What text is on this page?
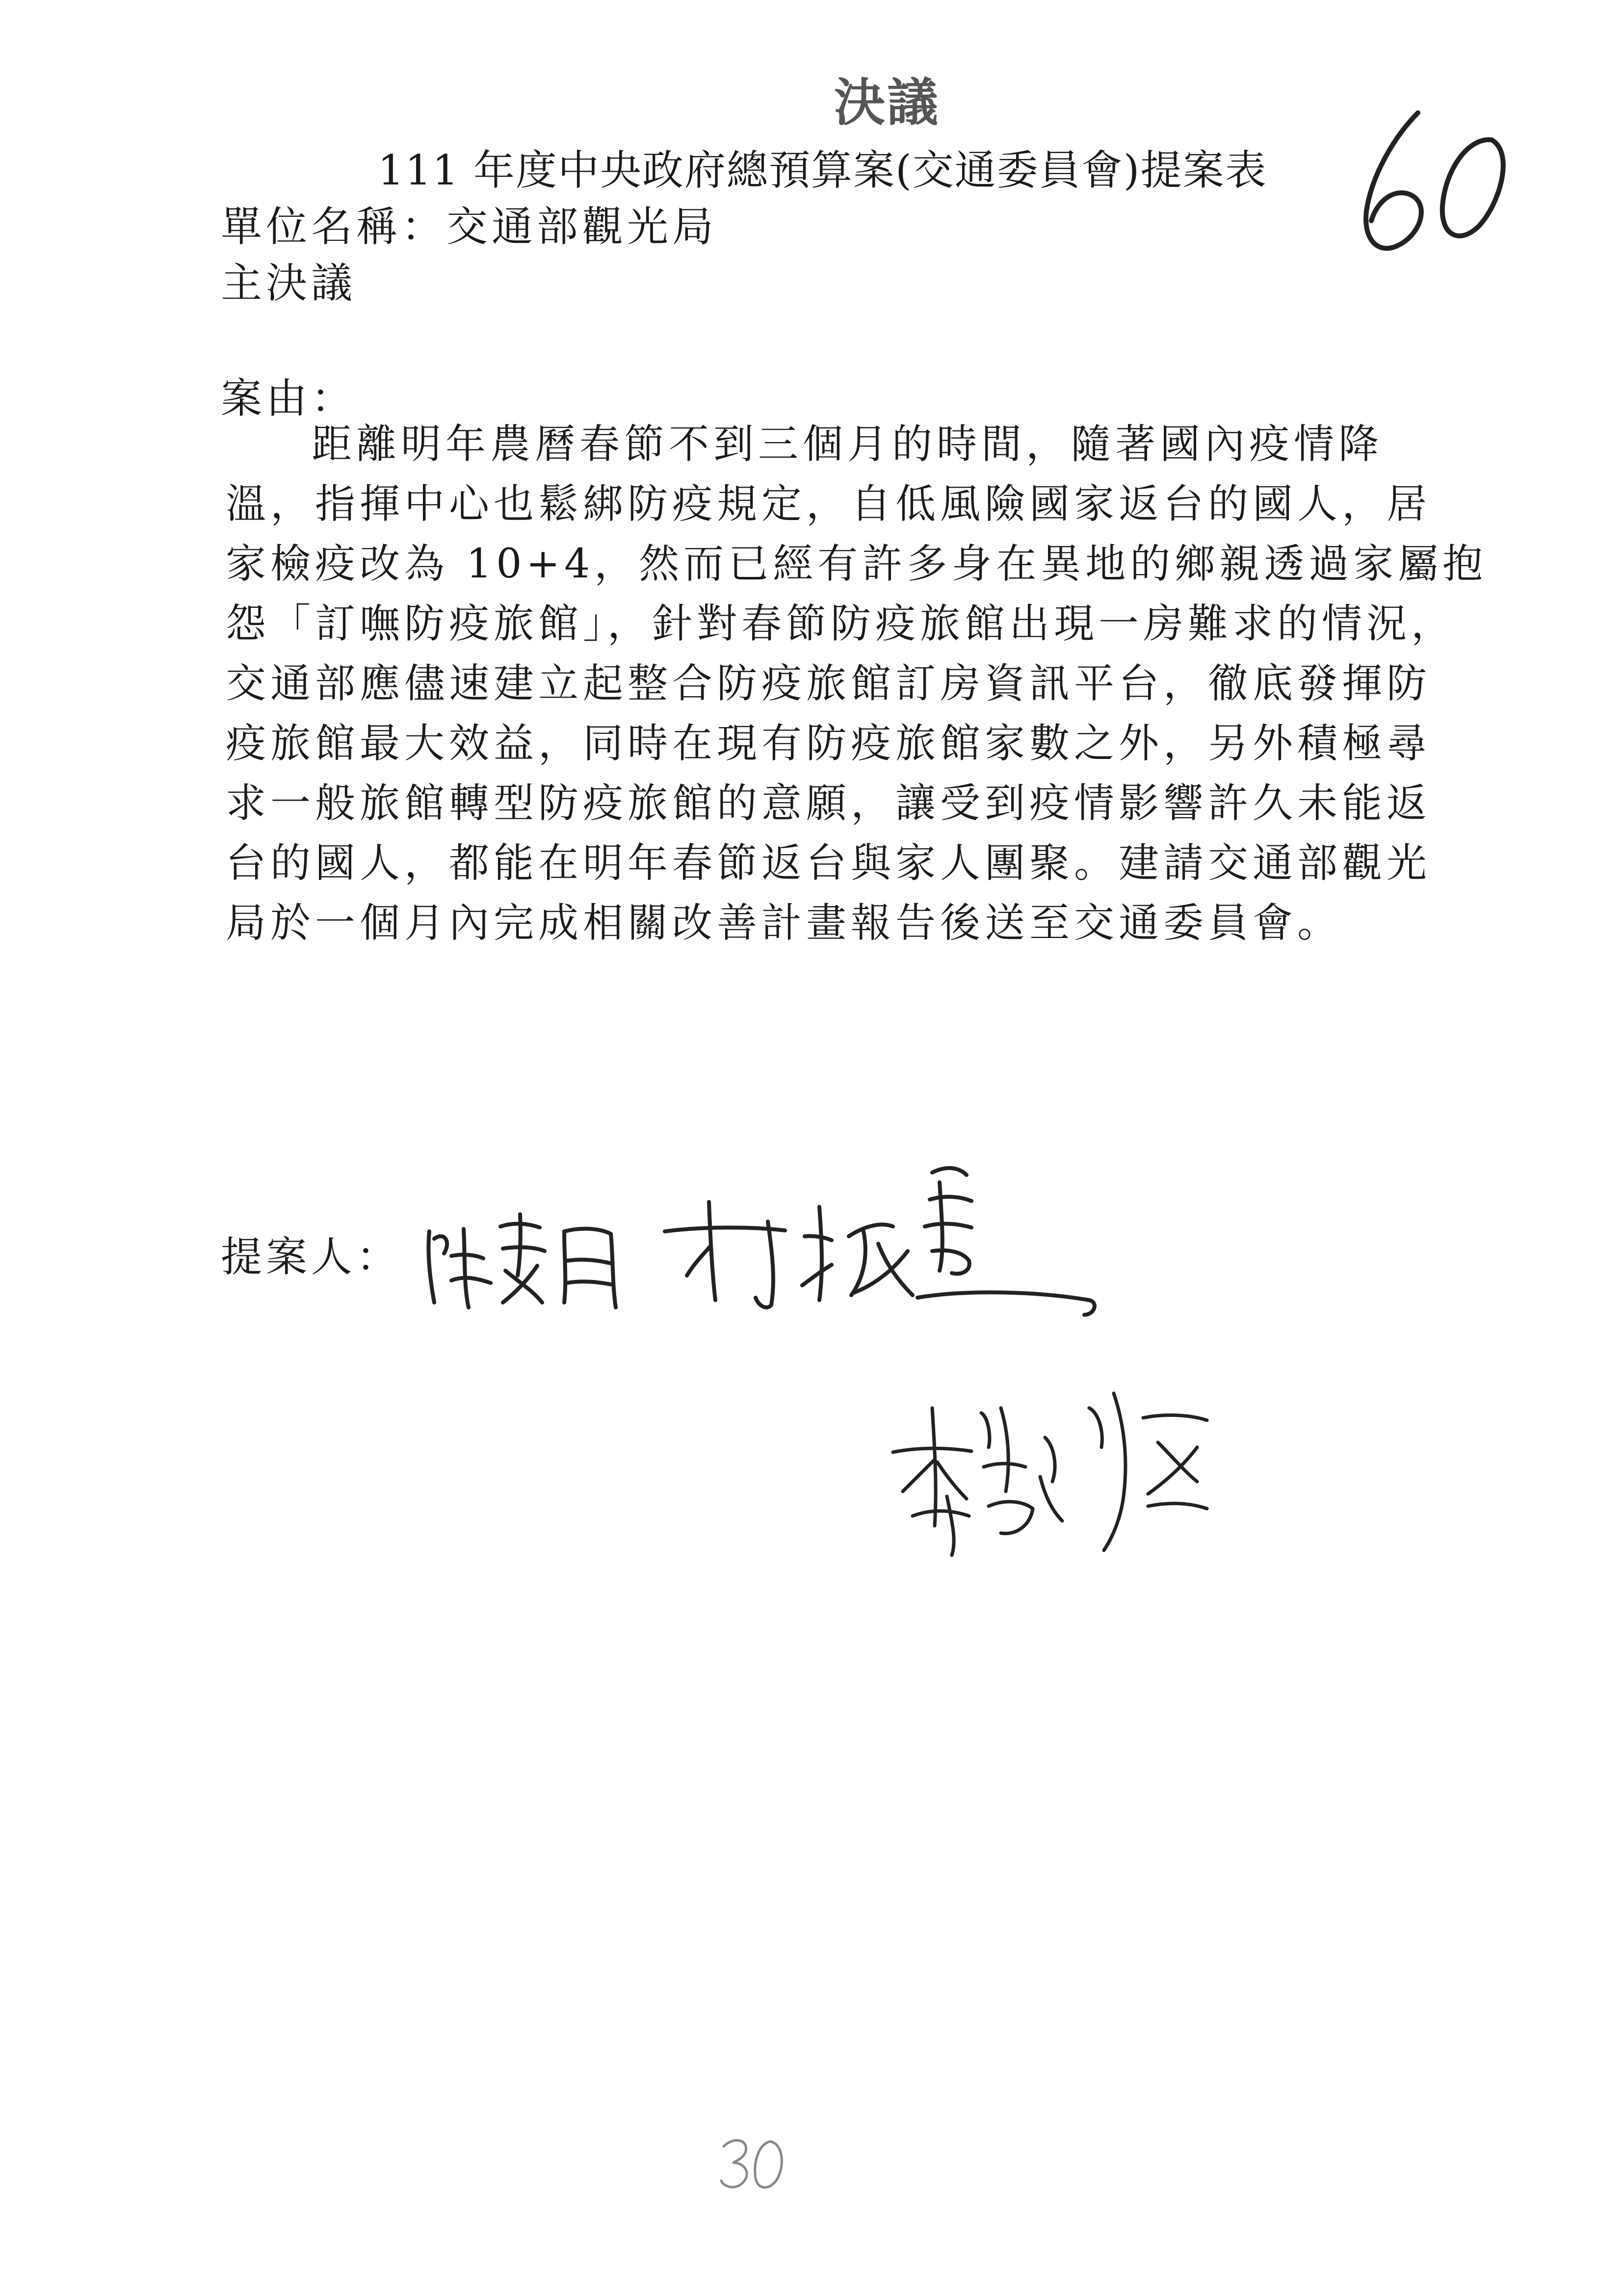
決議
111 年度中央政府總預算案(交通委員會)提案表
單位名稱：交通部觀光局
主決議
案由：
距離明年農曆春節不到三個月的時間，隨著國內疫情降
溫，指揮中心也鬆綁防疫規定，自低風險國家返台的國人，居
家檢疫改為 10+4，然而已經有許多身在異地的鄉親透過家屬抱
怨「訂嘸防疫旅館」，針對春節防疫旅館出現一房難求的情況，
交通部應儘速建立起整合防疫旅館訂房資訊平台，徹底發揮防
疫旅館最大效益，同時在現有防疫旅館家數之外，另外積極尋
求一般旅館轉型防疫旅館的意願，讓受到疫情影響許久未能返
台的國人，都能在明年春節返台與家人團聚。建請交通部觀光
局於一個月內完成相關改善計畫報告後送至交通委員會。
提案人：
